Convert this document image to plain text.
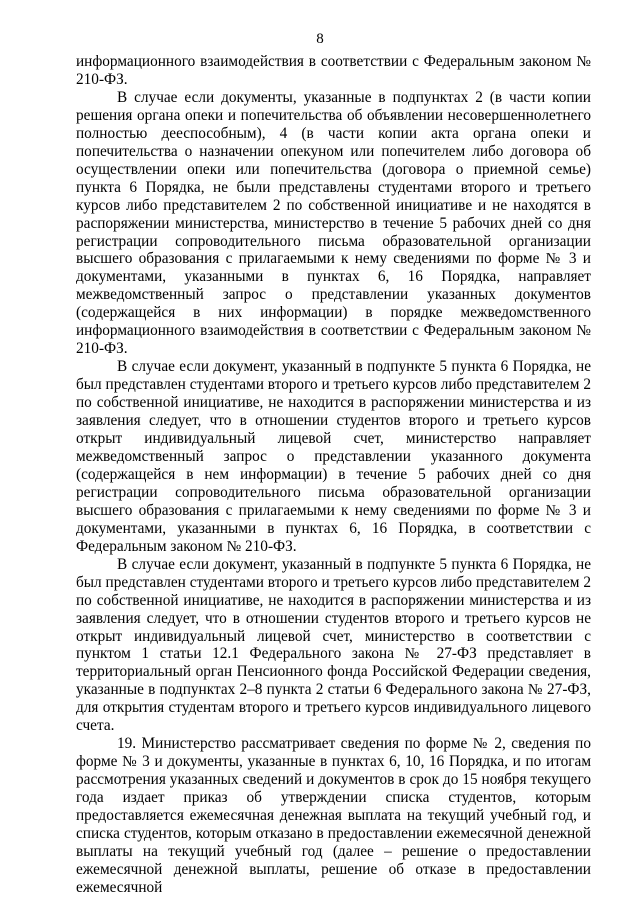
8

информационного взаимодействия в соответствии с Федеральным законом № 210-ФЗ.

В случае если документы, указанные в подпунктах 2 (в части копии решения органа опеки и попечительства об объявлении несовершеннолетнего полностью дееспособным), 4 (в части копии акта органа опеки и попечительства о назначении опекуном или попечителем либо договора об осуществлении опеки или попечительства (договора о приемной семье) пункта 6 Порядка, не были представлены студентами второго и третьего курсов либо представителем 2 по собственной инициативе и не находятся в распоряжении министерства, министерство в течение 5 рабочих дней со дня регистрации сопроводительного письма образовательной организации высшего образования с прилагаемыми к нему сведениями по форме № 3 и документами, указанными в пунктах 6, 16 Порядка, направляет межведомственный запрос о представлении указанных документов (содержащейся в них информации) в порядке межведомственного информационного взаимодействия в соответствии с Федеральным законом № 210-ФЗ.

В случае если документ, указанный в подпункте 5 пункта 6 Порядка, не был представлен студентами второго и третьего курсов либо представителем 2 по собственной инициативе, не находится в распоряжении министерства и из заявления следует, что в отношении студентов второго и третьего курсов открыт индивидуальный лицевой счет, министерство направляет межведомственный запрос о представлении указанного документа (содержащейся в нем информации) в течение 5 рабочих дней со дня регистрации сопроводительного письма образовательной организации высшего образования с прилагаемыми к нему сведениями по форме № 3 и документами, указанными в пунктах 6, 16 Порядка, в соответствии с Федеральным законом № 210-ФЗ.

В случае если документ, указанный в подпункте 5 пункта 6 Порядка, не был представлен студентами второго и третьего курсов либо представителем 2 по собственной инициативе, не находится в распоряжении министерства и из заявления следует, что в отношении студентов второго и третьего курсов не открыт индивидуальный лицевой счет, министерство в соответствии с пунктом 1 статьи 12.1 Федерального закона № 27-ФЗ представляет в территориальный орган Пенсионного фонда Российской Федерации сведения, указанные в подпунктах 2–8 пункта 2 статьи 6 Федерального закона № 27-ФЗ, для открытия студентам второго и третьего курсов индивидуального лицевого счета.

19. Министерство рассматривает сведения по форме № 2, сведения по форме № 3 и документы, указанные в пунктах 6, 10, 16 Порядка, и по итогам рассмотрения указанных сведений и документов в срок до 15 ноября текущего года издает приказ об утверждении списка студентов, которым предоставляется ежемесячная денежная выплата на текущий учебный год, и списка студентов, которым отказано в предоставлении ежемесячной денежной выплаты на текущий учебный год (далее – решение о предоставлении ежемесячной денежной выплаты, решение об отказе в предоставлении ежемесячной
